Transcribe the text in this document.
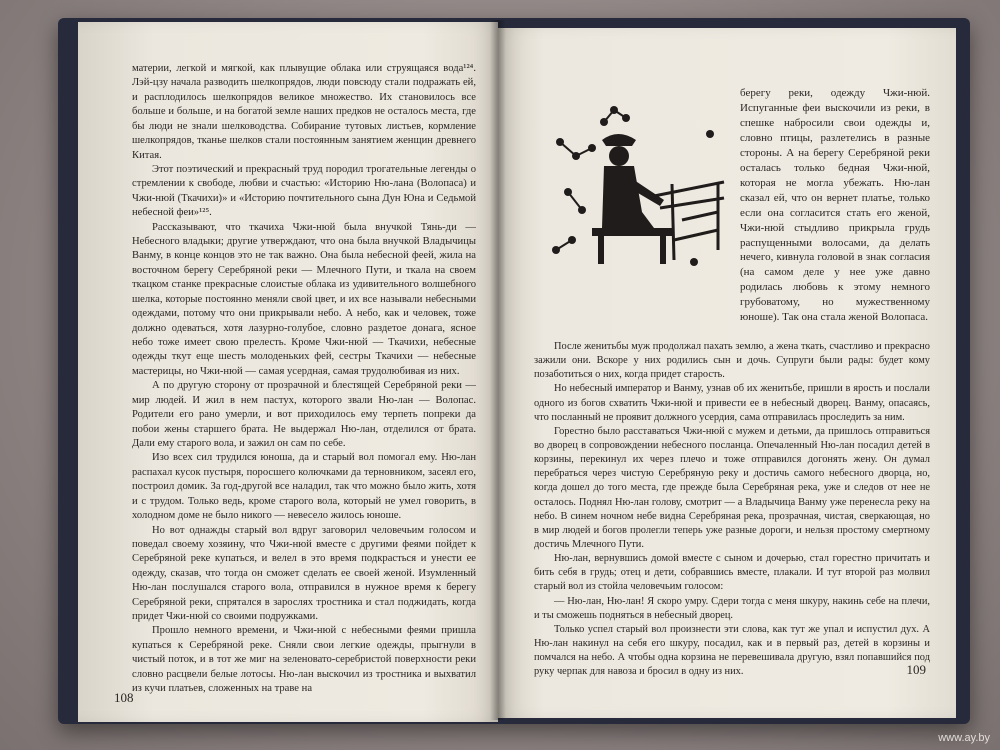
материи, легкой и мягкой, как плывущие облака или струящаяся вода¹²⁴. Лэй-цзу начала разводить шелкопрядов, люди повсюду стали подражать ей, и расплодилось шелкопрядов великое множество. Их становилось все больше и больше, и на богатой земле наших предков не осталось места, где бы люди не знали шелководства. Собирание тутовых листьев, кормление шелкопрядов, тканье шелков стали постоянным занятием женщин древнего Китая.

Этот поэтический и прекрасный труд породил трогательные легенды о стремлении к свободе, любви и счастью: «Историю Ню-лана (Волопаса) и Чжи-нюй (Ткачихи)» и «Историю почтительного сына Дун Юна и Седьмой небесной феи»¹²⁵.

Рассказывают, что ткачиха Чжи-нюй была внучкой Тянь-ди — Небесного владыки; другие утверждают, что она была внучкой Владычицы Ванму, в конце концов это не так важно. Она была небесной феей, жила на восточном берегу Серебряной реки — Млечного Пути, и ткала на своем ткацком станке прекрасные слоистые облака из удивительного волшебного шелка, которые постоянно меняли свой цвет, и их все называли небесными одеждами, потому что они прикрывали небо. А небо, как и человек, тоже должно одеваться, хотя лазурно-голубое, словно раздетое донага, ясное небо тоже имеет свою прелесть. Кроме Чжи-нюй — Ткачихи, небесные одежды ткут еще шесть молоденьких фей, сестры Ткачихи — небесные мастерицы, но Чжи-нюй — самая усердная, самая трудолюбивая из них.

А по другую сторону от прозрачной и блестящей Серебряной реки — мир людей. И жил в нем пастух, которого звали Ню-лан — Волопас. Родители его рано умерли, и вот приходилось ему терпеть попреки да побои жены старшего брата. Не выдержал Ню-лан, отделился от брата. Дали ему старого вола, и зажил он сам по себе.

Изо всех сил трудился юноша, да и старый вол помогал ему. Ню-лан распахал кусок пустыря, поросшего колючками да терновником, засеял его, построил домик. За год-другой все наладил, так что можно было жить, хотя и с трудом. Только ведь, кроме старого вола, который не умел говорить, в холодном доме не было никого — невесело жилось юноше.

Но вот однажды старый вол вдруг заговорил человечьим голосом и поведал своему хозяину, что Чжи-нюй вместе с другими феями пойдет к Серебряной реке купаться, и велел в это время подкрасться и унести ее одежду, сказав, что тогда он сможет сделать ее своей женой. Изумленный Ню-лан послушался старого вола, отправился в нужное время к берегу Серебряной реки, спрятался в зарослях тростника и стал поджидать, когда придет Чжи-нюй со своими подружками.

Прошло немного времени, и Чжи-нюй с небесными феями пришла купаться к Серебряной реке. Сняли свои легкие одежды, прыгнули в чистый поток, и в тот же миг на зеленовато-серебристой поверхности реки словно расцвели белые лотосы. Ню-лан выскочил из тростника и выхватил из кучи платьев, сложенных на траве на

108

берегу реки, одежду Чжи-нюй. Испуганные феи выскочили из реки, в спешке набросили свои одежды и, словно птицы, разлетелись в разные стороны. А на берегу Серебряной реки осталась только бедная Чжи-нюй, которая не могла убежать. Ню-лан сказал ей, что он вернет платье, только если она согласится стать его женой, Чжи-нюй стыдливо прикрыла грудь распущенными волосами, да делать нечего, кивнула головой в знак согласия (на самом деле у нее уже давно родилась любовь к этому немного грубоватому, но мужественному юноше). Так она стала женой Волопаса.

После женитьбы муж продолжал пахать землю, а жена ткать, счастливо и прекрасно зажили они. Вскоре у них родились сын и дочь. Супруги были рады: будет кому позаботиться о них, когда придет старость.

Но небесный император и Ванму, узнав об их женитьбе, пришли в ярость и послали одного из богов схватить Чжи-нюй и привести ее в небесный дворец. Ванму, опасаясь, что посланный не проявит должного усердия, сама отправилась проследить за ним.

Горестно было расставаться Чжи-нюй с мужем и детьми, да пришлось отправиться во дворец в сопровождении небесного посланца. Опечаленный Ню-лан посадил детей в корзины, перекинул их через плечо и тоже отправился догонять жену. Он думал перебраться через чистую Серебряную реку и достичь самого небесного дворца, но, когда дошел до того места, где прежде была Серебряная река, уже и следов от нее не осталось. Поднял Ню-лан голову, смотрит — а Владычица Ванму уже перенесла реку на небо. В синем ночном небе видна Серебряная река, прозрачная, чистая, сверкающая, но в мир людей и богов пролегли теперь уже разные дороги, и нельзя простому смертному достичь Млечного Пути.

Ню-лан, вернувшись домой вместе с сыном и дочерью, стал горестно причитать и бить себя в грудь; отец и дети, собравшись вместе, плакали. И тут второй раз молвил старый вол из стойла человечьим голосом:

— Ню-лан, Ню-лан! Я скоро умру. Сдери тогда с меня шкуру, накинь себе на плечи, и ты сможешь подняться в небесный дворец.

Только успел старый вол произнести эти слова, как тут же упал и испустил дух. А Ню-лан накинул на себя его шкуру, посадил, как и в первый раз, детей в корзины и помчался на небо. А чтобы одна корзина не перевешивала другую, взял попавшийся под руку черпак для навоза и бросил в одну из них.	109
www.ay.by
